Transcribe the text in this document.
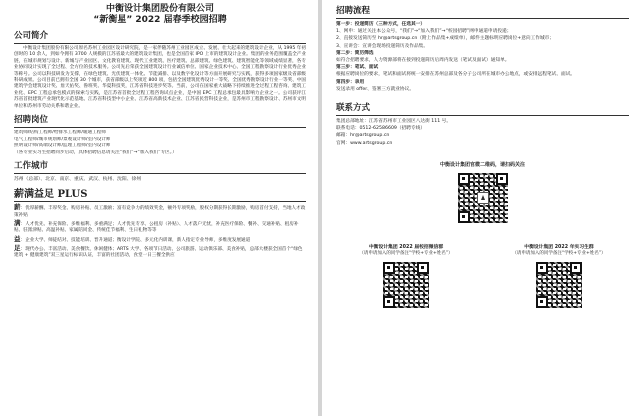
中衡设计集团股份有限公司

“新衡星” 2022 届春季校园招聘

公司简介

中衡设计集团股份有限公司原名苏州工业园区设计研究院，是一家伴随苏州工业园区成立、发展、壮大起来的建筑设计企业，从 1995 年初创时的 10 余人，到如今拥有 3700 人规模的江苏省最大的建筑设计集团，也是全国首家 IPO 上市的建筑设计企业。集团的业务范围覆盖全产业链，在城市规划与设计、新城与产业园区、文化教育建筑、现代工业建筑、医疗建筑、总部建筑、绿色建筑、建筑智能化等领域成绩显著，各专业协同设计实现了全过程、全方位的技术服务。公司先后荣获全国建筑设计行业诚信单位、国家企业技术中心、全国工程勘察设计行业优秀企业等称号。公司以科技研发为支撑，在绿色建筑、光伏建筑一体化、节能减排、以及数字化设计等方面开展研究与实践，获得多项国家级及省部级科研成果。公司目前已拥有全国 30 个城市，获省部级以上奖项近 800 项，包括全国建筑优秀设计一等奖、全国优秀勘察设计行业一等奖、中国建筑学会建筑设计奖、詹天佑奖、鲁班奖、华夏科技奖，江苏省科技进步奖等。当前，公司在国家重大战略下持续推进全过程工程咨询、建筑工业化、EPC 工程总承包模式的探索与实践，是江苏省首批全过程工程咨询试点企业，是中国 EPC 工程总承包最具影响力企业之一。公司获评江苏省首批建筑产业现代化示范基地、江苏省科技型中小企业、江苏省高新技术企业、江苏省民营科技企业，是苏州市工程勘察设计、苏州市文明单位和苏州市劳动关系和谐企业。

招聘岗位

建筑师/结构工程师/给排水工程师/暖通工程师

电气工程师/城市规划师/景观设计师/室内设计师

照明设计师/高端设计师/监理工程师/室内设计师

（各专业实习生招聘同步启动，具体招聘信息请关注“我们”→“加入我们”专区。）

工作城市

苏州（总部）、北京、南京、重庆、武汉、杭州、沈阳、徐州

薪满益足 PLUS

薪：优厚薪酬、丰厚奖金、购房补贴、员工激励；富有竞争力的绩效奖金，额外专项奖励，股权分期获得长期激励，购房首付支持，当地人才政策补贴

满：人才优先、补充保险、多维福利、多重满足；人才优先专享、公租房（补贴）、人才落户无忧，补充医疗保险、餐补、交通补贴、租房补贴、驻派津贴、高温补贴、家属陪同金、传统佳节福利、生日礼物等等

益：企业大学、师徒结对、技能培训、晋升通道；衡设计学院、多元化内训课，新人指定专业导师，多维度发展通道

足：现代办公、丰富活动、美食餐饮、休闲健体；ARTS 大学、各项节日活动、公司旅游、运动俱乐部、美食补贴，总部大楼获全国首个“绿色建筑 + 健康建筑”双三星运行标识认证，丰富的社团活动，食堂一日三餐全供应

招聘流程

第一步：投递简历（三种方式，任选其一）

1、网申：通过关注本公众号，“我们”→“加入我们”→“校园招聘”网申通道申请投递；

2、直接发送简历至 hr@artsgroup.cn（附上作品集+成绩单），邮件主题标明应聘岗位+意向工作城市；

3、宣讲会：宣讲会现场投递简历及作品集。

第二步：简历筛选

如符合招聘要求，人力资源部将在接到投递简历后周内发送（笔试及面试）通知单。

第三步：笔试、面试

根据应聘岗位的要求，笔试和面试将统一安排在苏州总部及各分子公司所在城市办公地点，或安排远程笔试、面试。

第四步：录用

发送录用 offer、签署三方就业协议。

联系方式

集团总部地址：江苏省苏州市工业园区八达街 111 号。

联系电话：0512-62586609（招聘专线）

邮箱：hr@artsgroup.cn

官网：www.artsgroup.cn

中衡设计集团官微二维码，请扫码关注

中衡设计集团 2022 届校招微信群

（请申请加入的同学备注“学校+专业+姓名”）

中衡设计集团 2022 年实习生群

（请申请加入的同学备注“学校+专业+姓名”）
